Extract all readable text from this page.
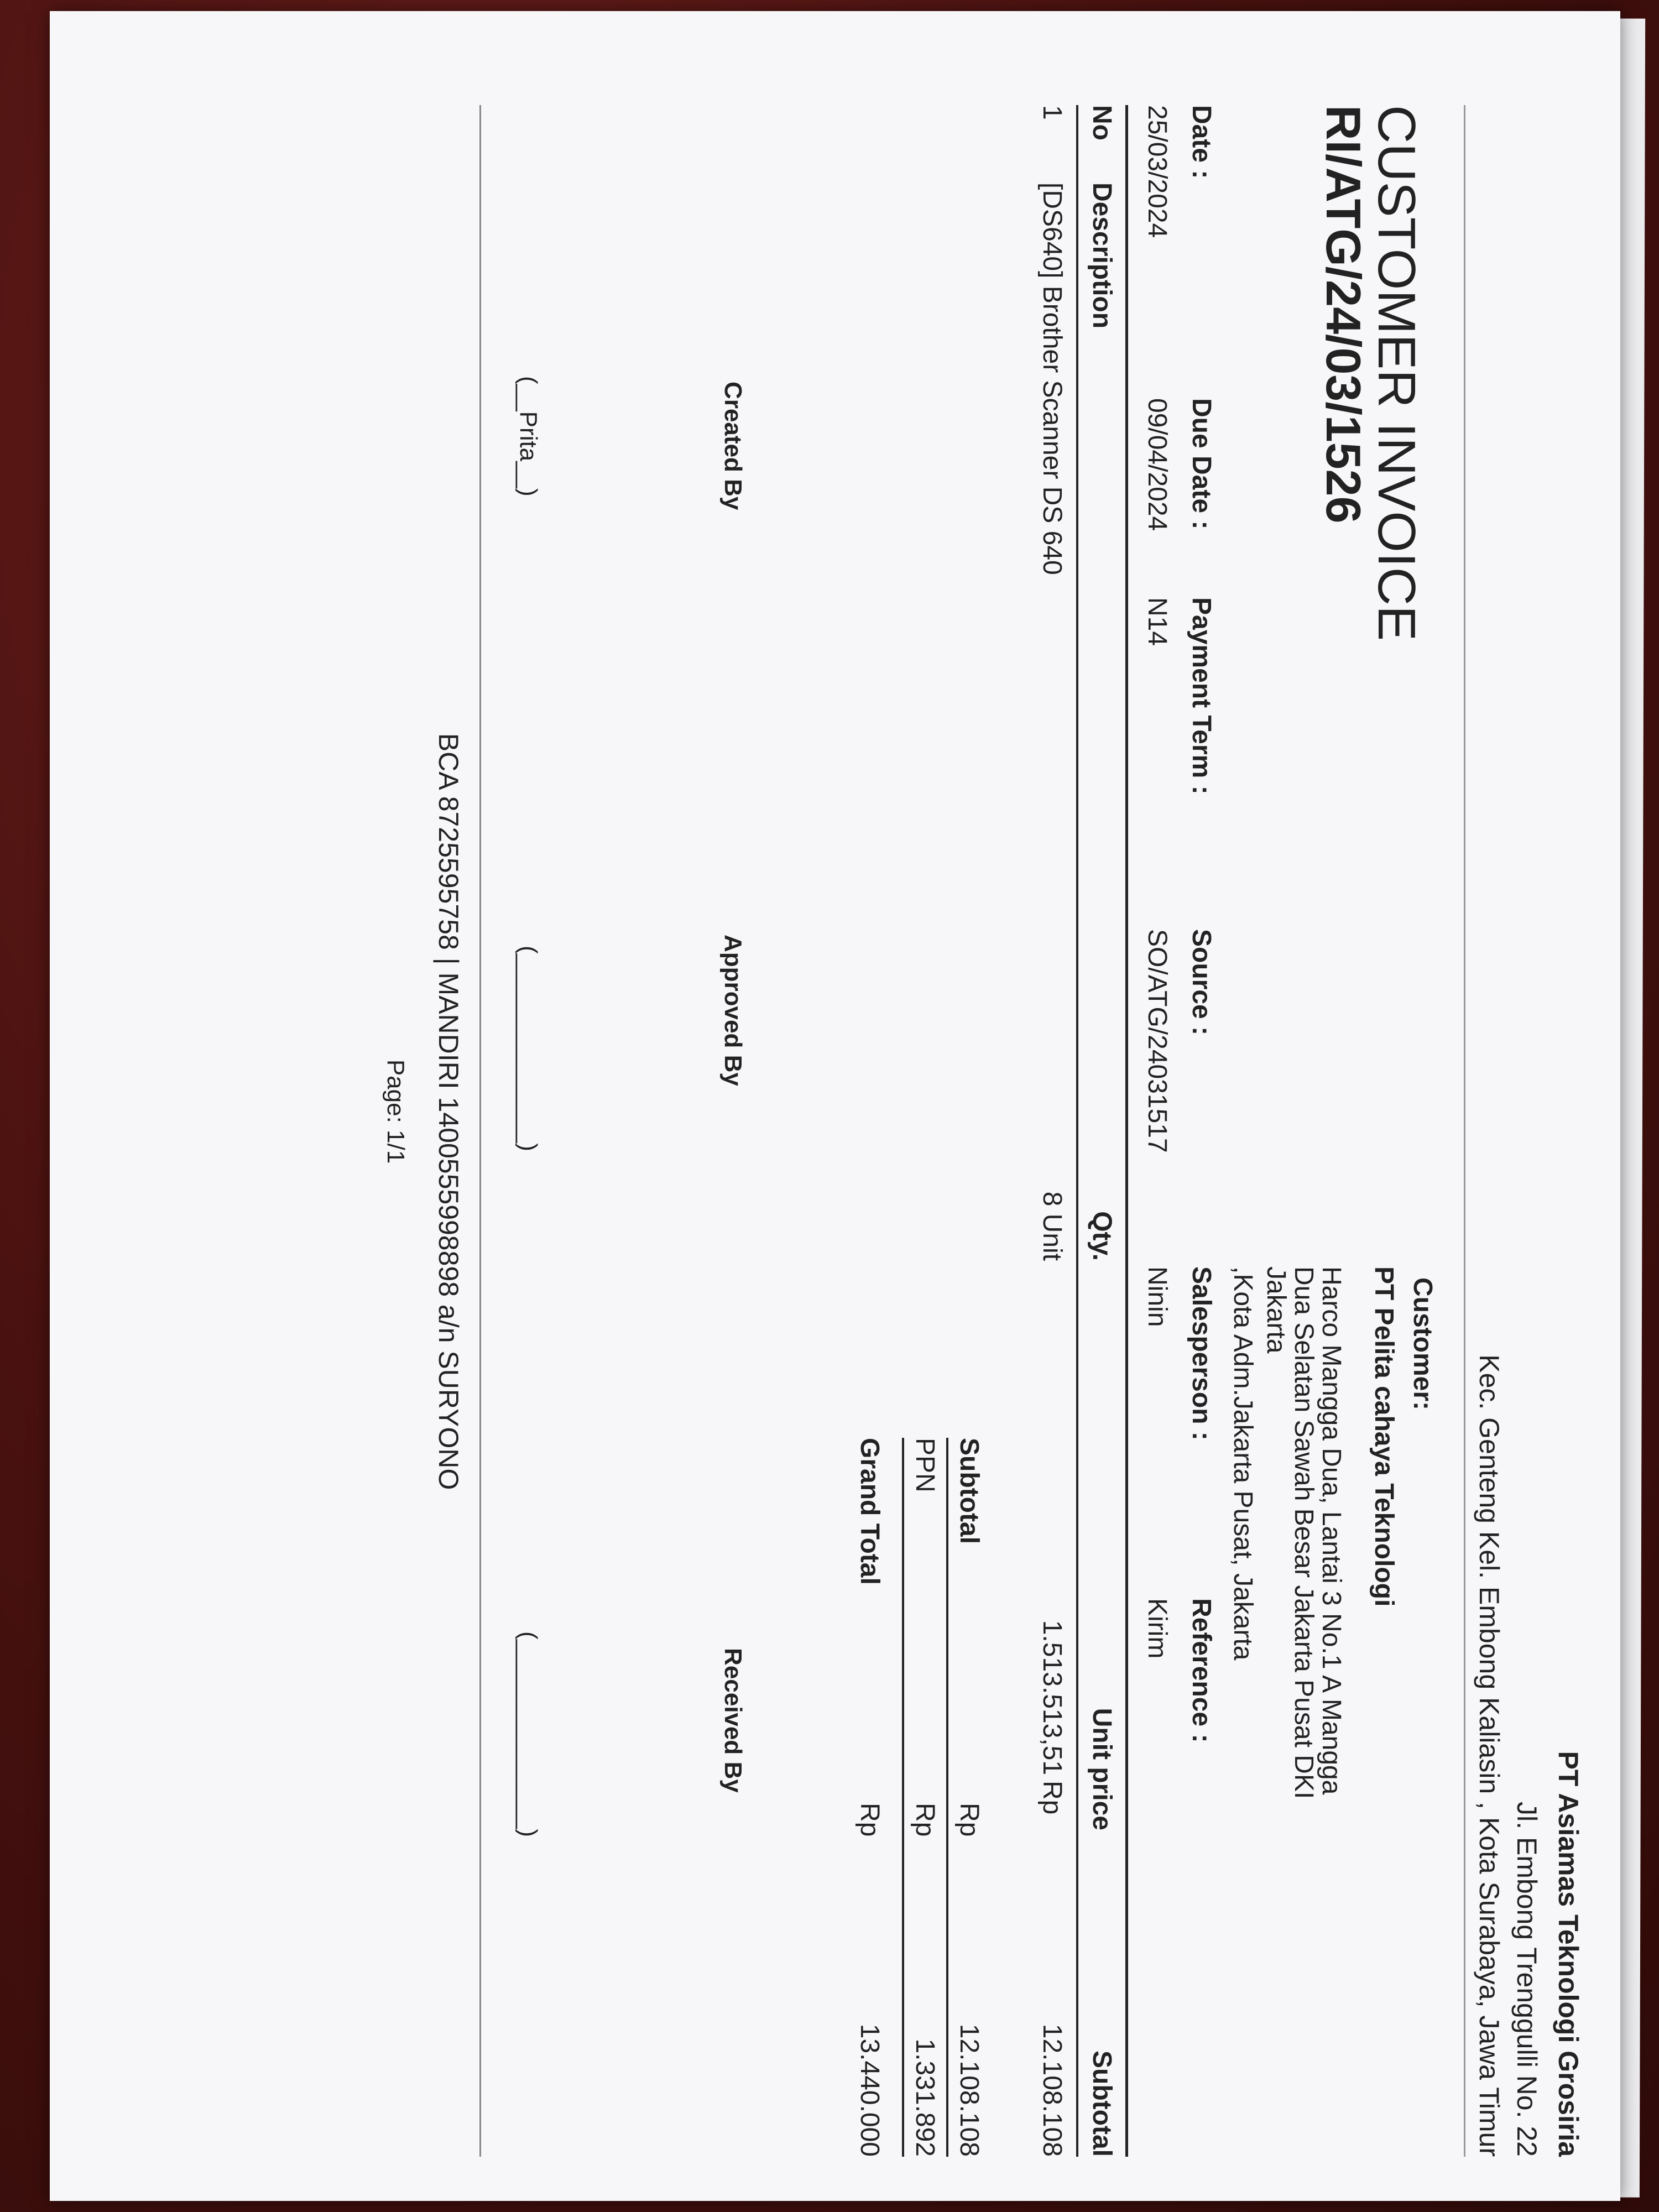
PT Asiamas Teknologi Grosiria
Jl. Embong Trenggulli No. 22
Kec. Genteng Kel. Embong Kaliasin , Kota Surabaya, Jawa Timur
CUSTOMER INVOICE
RI/ATG/24/03/1526
Customer:
PT Pelita cahaya Teknologi
Harco Mangga Dua, Lantai 3 No.1 A Mangga
Dua Selatan Sawah Besar Jakarta Pusat DKI
Jakarta
,Kota Adm.Jakarta Pusat, Jakarta
Date :
25/03/2024
Due Date :
09/04/2024
Payment Term :
N14
Source :
SO/ATG/24031517
Salesperson :
Ninin
Reference :
Kirim
No
Description
Qty.
Unit price
Subtotal
1
[DS640] Brother Scanner DS 640
8 Unit
1.513.513,51
Rp
12.108.108
Subtotal
Rp
12.108.108
PPN
Rp
1.331.892
Grand Total
Rp
13.440.000
Created By
Approved By
Received By
(__Prita__)
(______________)
(______________)
BCA 8725595758 | MANDIRI 1400555998898 a/n SURYONO
Page: 1/1
